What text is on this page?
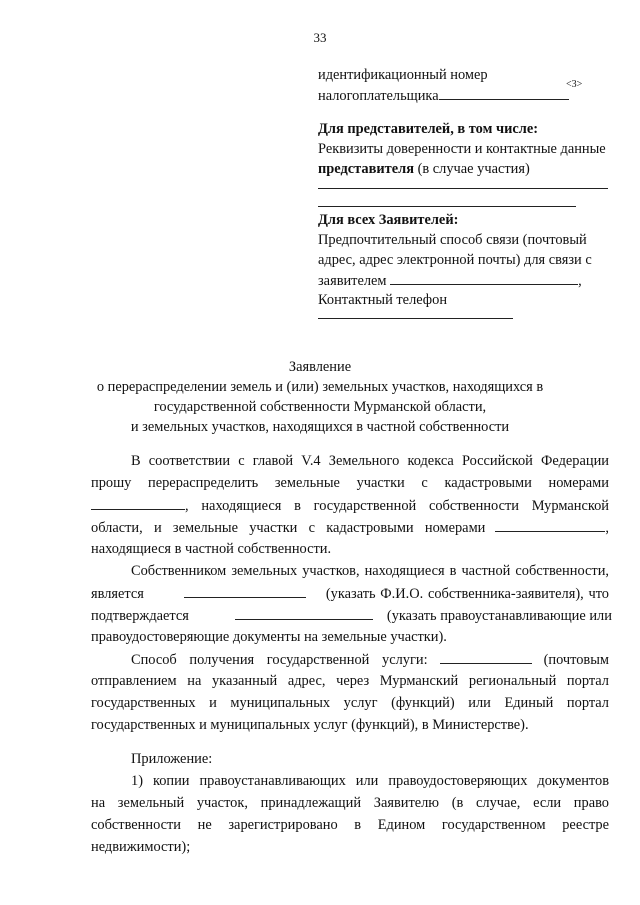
33
идентификационный номер
налогоплательщика
<3>
Для представителей, в том числе:
Реквизиты доверенности и контактные данные
представителя (в случае участия)
Для всех Заявителей:
Предпочтительный способ связи (почтовый
адрес, адрес электронной почты) для связи с
заявителем	,
Контактный телефон
Заявление
о перераспределении земель и (или) земельных участков, находящихся в
государственной собственности Мурманской области,
и земельных участков, находящихся в частной собственности
В соответствии с главой V.4 Земельного кодекса Российской Федерации
прошу перераспределить земельные участки с кадастровыми номерами
, находящиеся в государственной собственности Мурманской
области, и земельные участки с кадастровыми номерами	,
находящиеся в частной собственности.
Собственником земельных участков, находящиеся в частной собственности,
является	(указать Ф.И.О. собственника-заявителя), что
подтверждается	(указать правоустанавливающие или
правоудостоверяющие документы на земельные участки).
Способ получения государственной услуги:	(почтовым
отправлением на указанный адрес, через Мурманский региональный портал
государственных и муниципальных услуг (функций) или Единый портал
государственных и муниципальных услуг (функций), в Министерстве).
Приложение:
1) копии правоустанавливающих или правоудостоверяющих документов
на земельный участок, принадлежащий Заявителю (в случае, если право
собственности не зарегистрировано в Едином государственном реестре
недвижимости);
